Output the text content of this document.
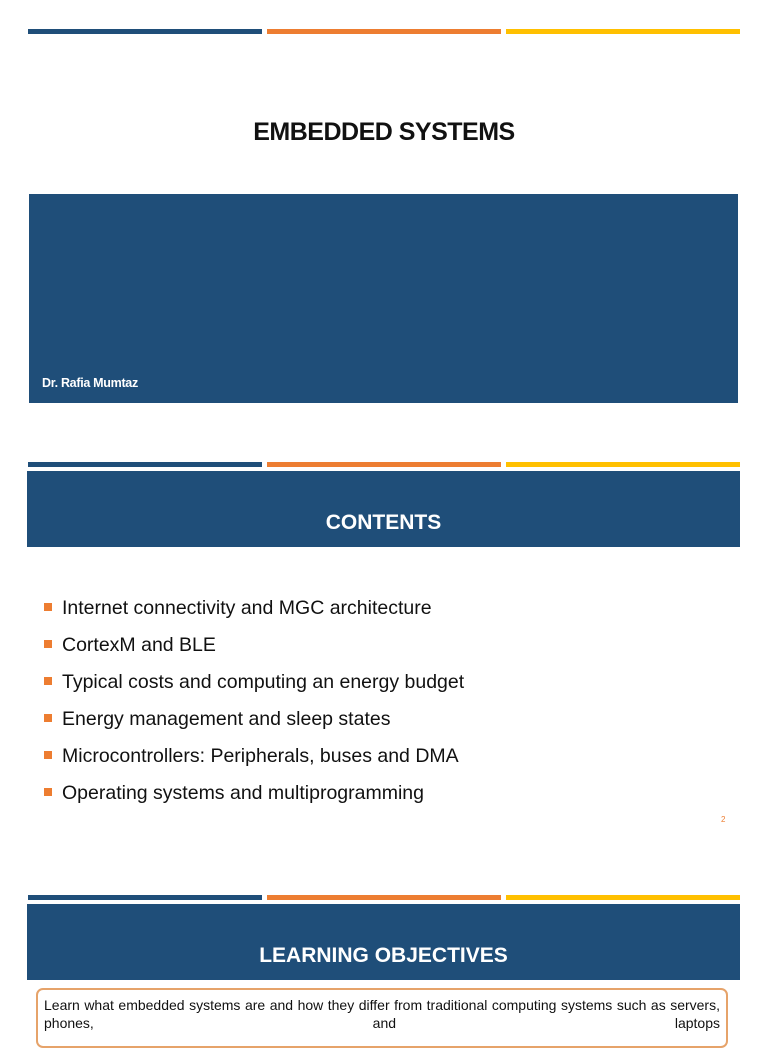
EMBEDDED SYSTEMS
Dr. Rafia Mumtaz
CONTENTS
Internet connectivity and MGC architecture
CortexM and BLE
Typical costs and computing an energy budget
Energy management and sleep states
Microcontrollers: Peripherals, buses and DMA
Operating systems and multiprogramming
2
LEARNING OBJECTIVES
Learn what embedded systems are and how they differ from traditional computing systems such as servers, phones, and laptops
